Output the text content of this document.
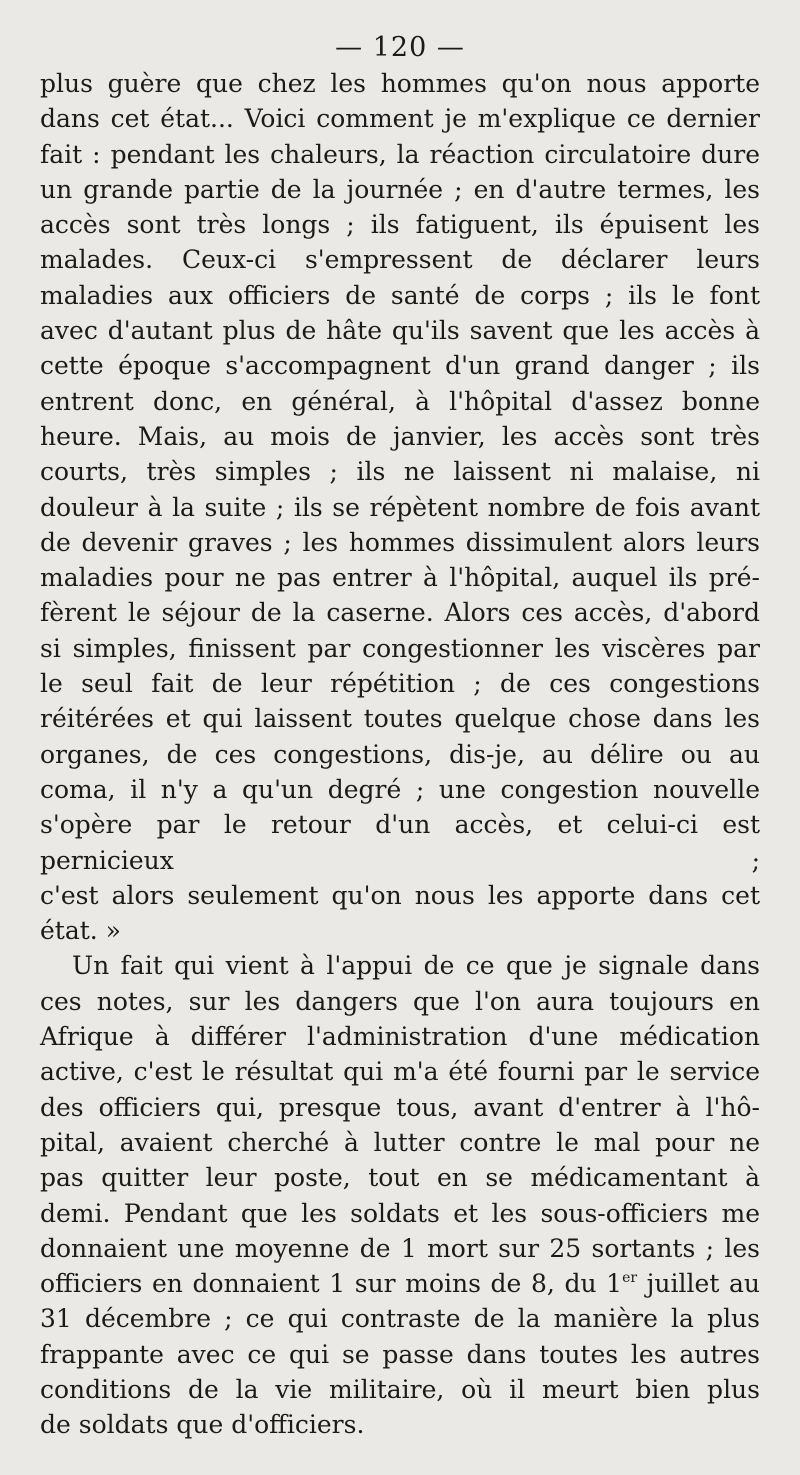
— 120 —
plus guère que chez les hommes qu'on nous apporte
dans cet état... Voici comment je m'explique ce dernier
fait : pendant les chaleurs, la réaction circulatoire dure
un grande partie de la journée ; en d'autre termes, les
accès sont très longs ; ils fatiguent, ils épuisent les
malades. Ceux-ci s'empressent de déclarer leurs
maladies aux officiers de santé de corps ; ils le font
avec d'autant plus de hâte qu'ils savent que les accès à
cette époque s'accompagnent d'un grand danger ; ils
entrent donc, en général, à l'hôpital d'assez bonne
heure. Mais, au mois de janvier, les accès sont très
courts, très simples ; ils ne laissent ni malaise, ni
douleur à la suite ; ils se répètent nombre de fois avant
de devenir graves ; les hommes dissimulent alors leurs
maladies pour ne pas entrer à l'hôpital, auquel ils pré-
fèrent le séjour de la caserne. Alors ces accès, d'abord
si simples, finissent par congestionner les viscères par
le seul fait de leur répétition ; de ces congestions
réitérées et qui laissent toutes quelque chose dans les
organes, de ces congestions, dis-je, au délire ou au
coma, il n'y a qu'un degré ; une congestion nouvelle
s'opère par le retour d'un accès, et celui-ci est pernicieux ;
c'est alors seulement qu'on nous les apporte dans cet
état. »
Un fait qui vient à l'appui de ce que je signale dans
ces notes, sur les dangers que l'on aura toujours en
Afrique à différer l'administration d'une médication
active, c'est le résultat qui m'a été fourni par le service
des officiers qui, presque tous, avant d'entrer à l'hô-
pital, avaient cherché à lutter contre le mal pour ne
pas quitter leur poste, tout en se médicamentant à
demi. Pendant que les soldats et les sous-officiers me
donnaient une moyenne de 1 mort sur 25 sortants ; les
officiers en donnaient 1 sur moins de 8, du 1er juillet au
31 décembre ; ce qui contraste de la manière la plus
frappante avec ce qui se passe dans toutes les autres
conditions de la vie militaire, où il meurt bien plus
de soldats que d'officiers.
